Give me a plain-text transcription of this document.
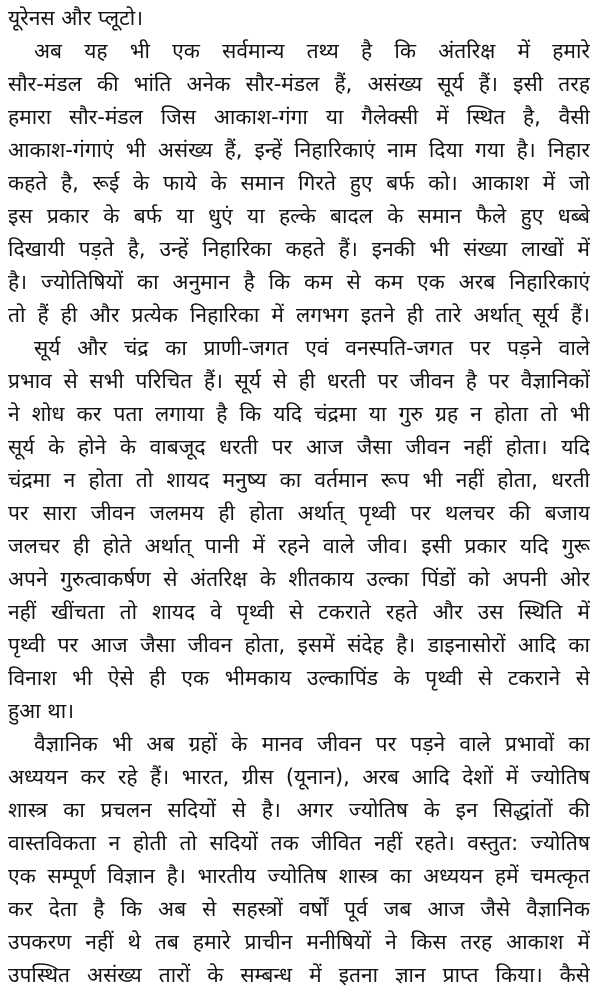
यूरेनस और प्लूटो।
अब यह भी एक सर्वमान्य तथ्य है कि अंतरिक्ष में हमारे
सौर-मंडल की भांति अनेक सौर-मंडल हैं, असंख्य सूर्य हैं। इसी तरह
हमारा सौर-मंडल जिस आकाश-गंगा या गैलेक्सी में स्थित है, वैसी
आकाश-गंगाएं भी असंख्य हैं, इन्हें निहारिकाएं नाम दिया गया है। निहार
कहते है, रूई के फाये के समान गिरते हुए बर्फ को। आकाश में जो
इस प्रकार के बर्फ या धुएं या हल्के बादल के समान फैले हुए धब्बे
दिखायी पड़ते है, उन्हें निहारिका कहते हैं। इनकी भी संख्या लाखों में
है। ज्योतिषियों का अनुमान है कि कम से कम एक अरब निहारिकाएं
तो हैं ही और प्रत्येक निहारिका में लगभग इतने ही तारे अर्थात् सूर्य हैं।
सूर्य और चंद्र का प्राणी-जगत एवं वनस्पति-जगत पर पड़ने वाले
प्रभाव से सभी परिचित हैं। सूर्य से ही धरती पर जीवन है पर वैज्ञानिकों
ने शोध कर पता लगाया है कि यदि चंद्रमा या गुरु ग्रह न होता तो भी
सूर्य के होने के वाबजूद धरती पर आज जैसा जीवन नहीं होता। यदि
चंद्रमा न होता तो शायद मनुष्य का वर्तमान रूप भी नहीं होता, धरती
पर सारा जीवन जलमय ही होता अर्थात् पृथ्वी पर थलचर की बजाय
जलचर ही होते अर्थात् पानी में रहने वाले जीव। इसी प्रकार यदि गुरू
अपने गुरुत्वाकर्षण से अंतरिक्ष के शीतकाय उल्का पिंडों को अपनी ओर
नहीं खींचता तो शायद वे पृथ्वी से टकराते रहते और उस स्थिति में
पृथ्वी पर आज जैसा जीवन होता, इसमें संदेह है। डाइनासोरों आदि का
विनाश भी ऐसे ही एक भीमकाय उल्कापिंड के पृथ्वी से टकराने से
हुआ था।
वैज्ञानिक भी अब ग्रहों के मानव जीवन पर पड़ने वाले प्रभावों का
अध्ययन कर रहे हैं। भारत, ग्रीस (यूनान), अरब आदि देशों में ज्योतिष
शास्त्र का प्रचलन सदियों से है। अगर ज्योतिष के इन सिद्धांतों की
वास्तविकता न होती तो सदियों तक जीवित नहीं रहते। वस्तुत: ज्योतिष
एक सम्पूर्ण विज्ञान है। भारतीय ज्योतिष शास्त्र का अध्ययन हमें चमत्कृत
कर देता है कि अब से सहस्त्रों वर्षों पूर्व जब आज जैसे वैज्ञानिक
उपकरण नहीं थे तब हमारे प्राचीन मनीषियों ने किस तरह आकाश में
उपस्थित असंख्य तारों के सम्बन्ध में इतना ज्ञान प्राप्त किया। कैसे
